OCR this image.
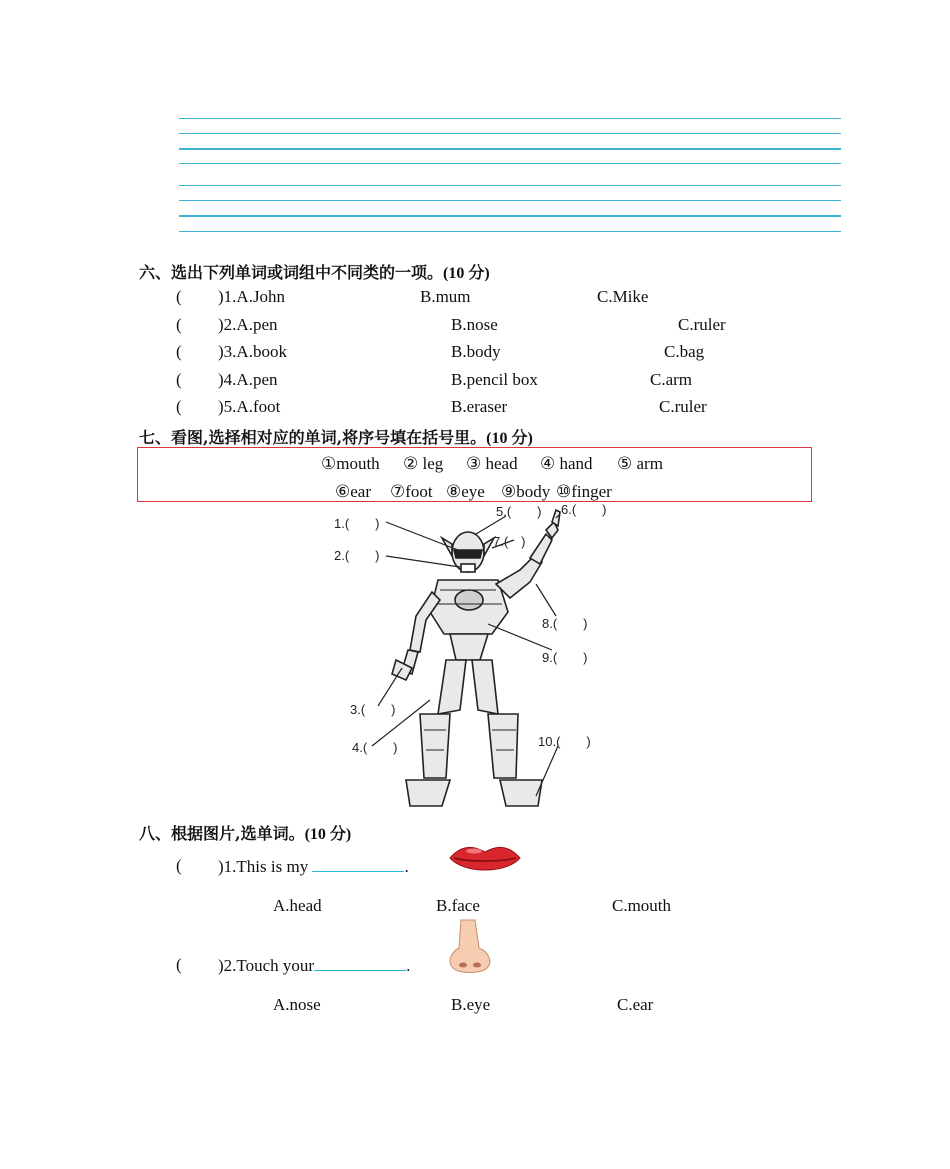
六、选出下列单词或词组中不同类的一项。(10 分)
( )1.A.John	B.mum	C.Mike
( )2.A.pen	B.nose	C.ruler
( )3.A.book	B.body	C.bag
( )4.A.pen	B.pencil box	C.arm
( )5.A.foot	B.eraser	C.ruler
七、看图,选择相对应的单词,将序号填在括号里。(10 分)
①mouth ② leg ③ head ④ hand ⑤ arm
⑥ear ⑦foot ⑧eye ⑨body ⑩finger
1.(　　)
2.(　　)
3.(　　)
4.(　　)
5.(　　) 6.(　　)
7.(　)
8.(　　)
9.(　　)
10.(　　)
八、根据图片,选单词。(10 分)
( )1.This is my	.
A.head	B.face	C.mouth
( )2.Touch your	.
A.nose	B.eye	C.ear
